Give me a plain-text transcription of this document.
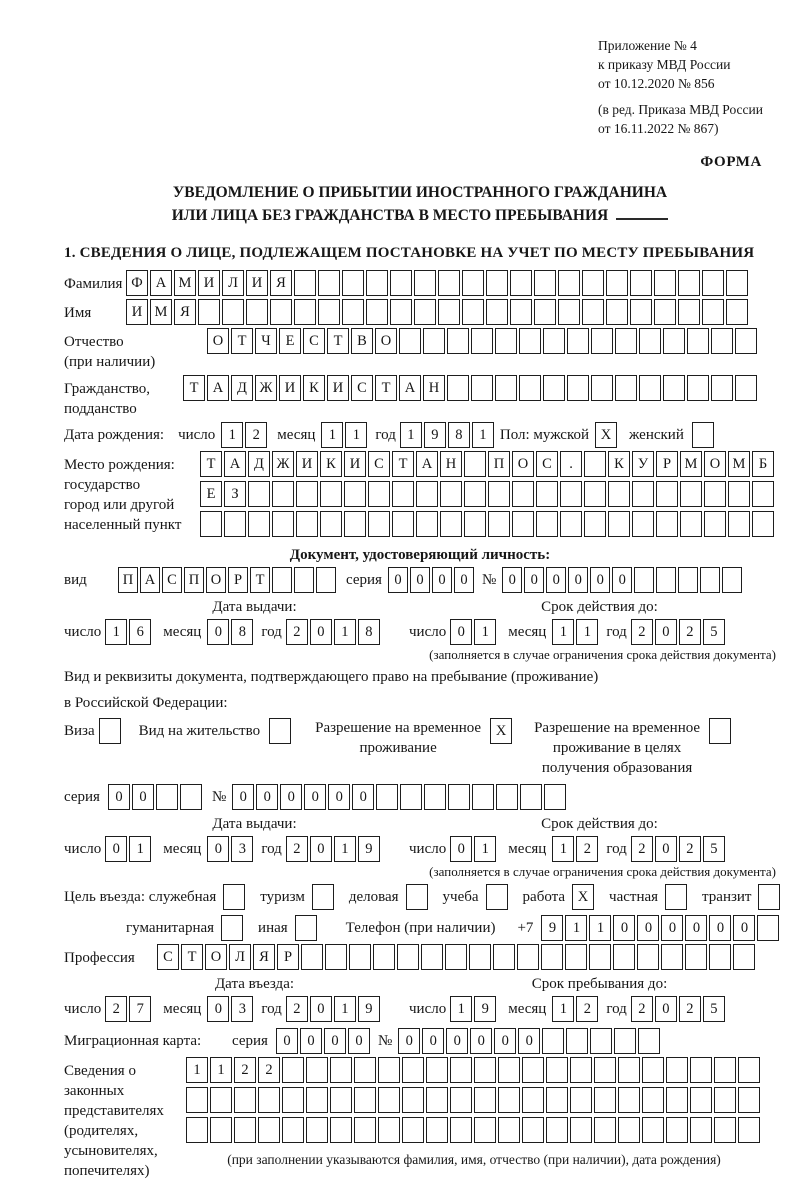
Приложение № 4
к приказу МВД России
от 10.12.2020 № 856
(в ред. Приказа МВД России
от 16.11.2022 № 867)
ФОРМА
УВЕДОМЛЕНИЕ О ПРИБЫТИИ ИНОСТРАННОГО ГРАЖДАНИНА
ИЛИ ЛИЦА БЕЗ ГРАЖДАНСТВА В МЕСТО ПРЕБЫВАНИЯ
1. СВЕДЕНИЯ О ЛИЦЕ, ПОДЛЕЖАЩЕМ ПОСТАНОВКЕ НА УЧЕТ ПО МЕСТУ ПРЕБЫВАНИЯ
Фамилия Ф А М И Л И Я
Имя	И М Я
Отчество
(при наличии)
О Т	Ч	Е	С	Т	В О
Гражданство,
подданство
Т А Д Ж И К И С	Т А Н
Дата рождения: число 1	2	месяц 1	1	год 1	9	8	1 Пол: мужской X	женский
Место рождения:
государство
город или другой
населенный пункт
Т А Д Ж И К И С	Т А Н	П О С	.	К У	Р М О М Б
Е	З
Документ, удостоверяющий личность:
вид	П А С П О Р Т	серия 0	0	0	0 № 0	0	0	0	0	0
Дата выдачи:
число 1	6	месяц 0	8	год 2	0	1	8
Срок действия до:
число 0	1	месяц 1	1	год 2	0	2	5
(заполняется в случае ограничения срока действия документа)
Вид и реквизиты документа, подтверждающего право на пребывание (проживание)
в Российской Федерации:
Виза	Вид на жительство	Разрешение на временное
проживание
X	Разрешение на временное
проживание в целях
получения образования
серия	0	0	№ 0	0	0	0	0	0
Дата выдачи:
число 0	1	месяц 0	3	год 2	0	1	9
Срок действия до:
число 0	1	месяц 1	2	год 2	0	2	5
(заполняется в случае ограничения срока действия документа)
Цель въезда: служебная	туризм	деловая	учеба	работа X	частная	транзит
гуманитарная	иная	Телефон (при наличии) +7	9	1	1	0	0	0	0	0	0
Профессия	С	Т О Л Я	Р
Дата въезда:
число 2	7	месяц 0	3	год 2	0	1	9
Срок пребывания до:
число 1	9	месяц 1	2	год 2	0	2	5
Миграционная карта:	серия	0	0	0	0	№ 0	0	0	0	0	0
Сведения о
законных
представителях
(родителях,
усыновителях,
попечителях)
1	1	2	2
(при заполнении указываются фамилия, имя, отчество (при наличии), дата рождения)
